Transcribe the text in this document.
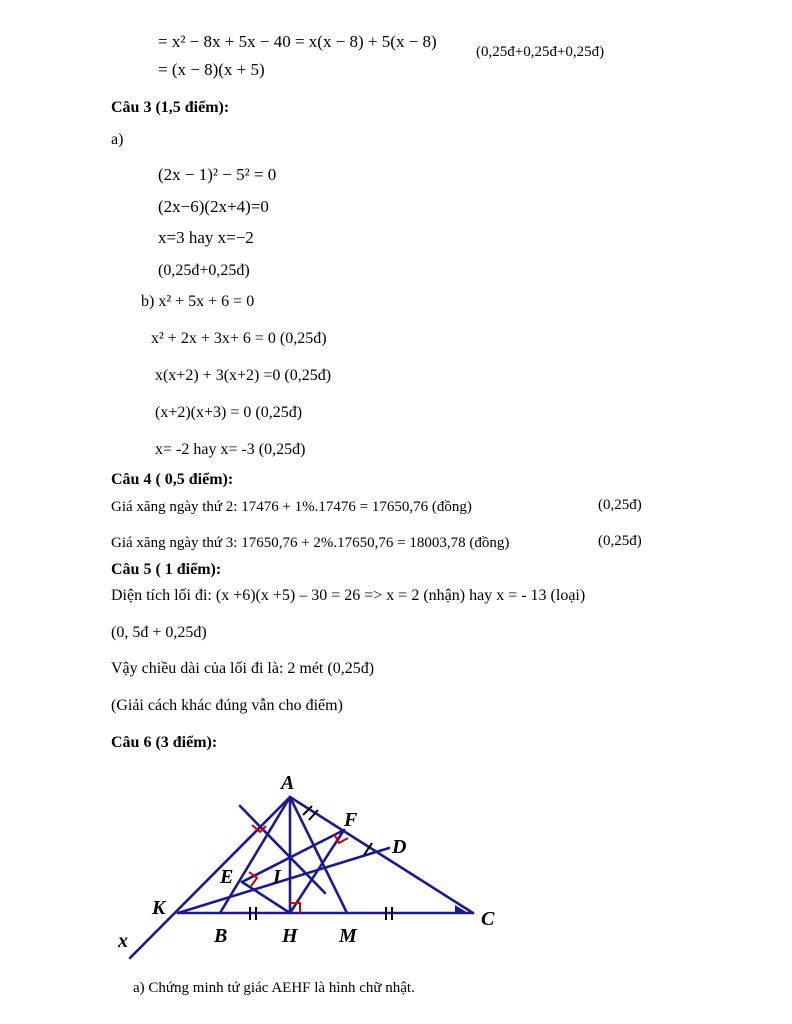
= x² − 8x + 5x − 40 = x(x − 8) + 5(x − 8)
(0,25đ+0,25đ+0,25đ)
= (x − 8)(x + 5)
Câu 3 (1,5 điểm):
a)
(2x − 1)² − 5² = 0
(2x−6)(2x+4)=0
x=3 hay x=−2
(0,25đ+0,25đ)
b) x² + 5x + 6 = 0
x² + 2x + 3x+ 6 = 0 (0,25đ)
x(x+2) + 3(x+2) =0 (0,25đ)
(x+2)(x+3) = 0 (0,25đ)
x= -2 hay x= -3 (0,25đ)
Câu 4 ( 0,5 điểm):
Giá xăng ngày thứ 2: 17476 + 1%.17476 = 17650,76 (đồng)	(0,25đ)
Giá xăng ngày thứ 3: 17650,76 + 2%.17650,76 = 18003,78 (đồng)	(0,25đ)
Câu 5 ( 1 điểm):
Diện tích lối đi: (x +6)(x +5) – 30 = 26 => x = 2 (nhận) hay x = - 13 (loại)
(0, 5đ + 0,25đ)
Vậy chiều dài của lối đi là: 2 mét (0,25đ)
(Giải cách khác đúng vẫn cho điểm)
Câu 6 (3 điểm):
A
F
D
E I
K
B	H M
C
x
a) Chứng minh tứ giác AEHF là hình chữ nhật.
